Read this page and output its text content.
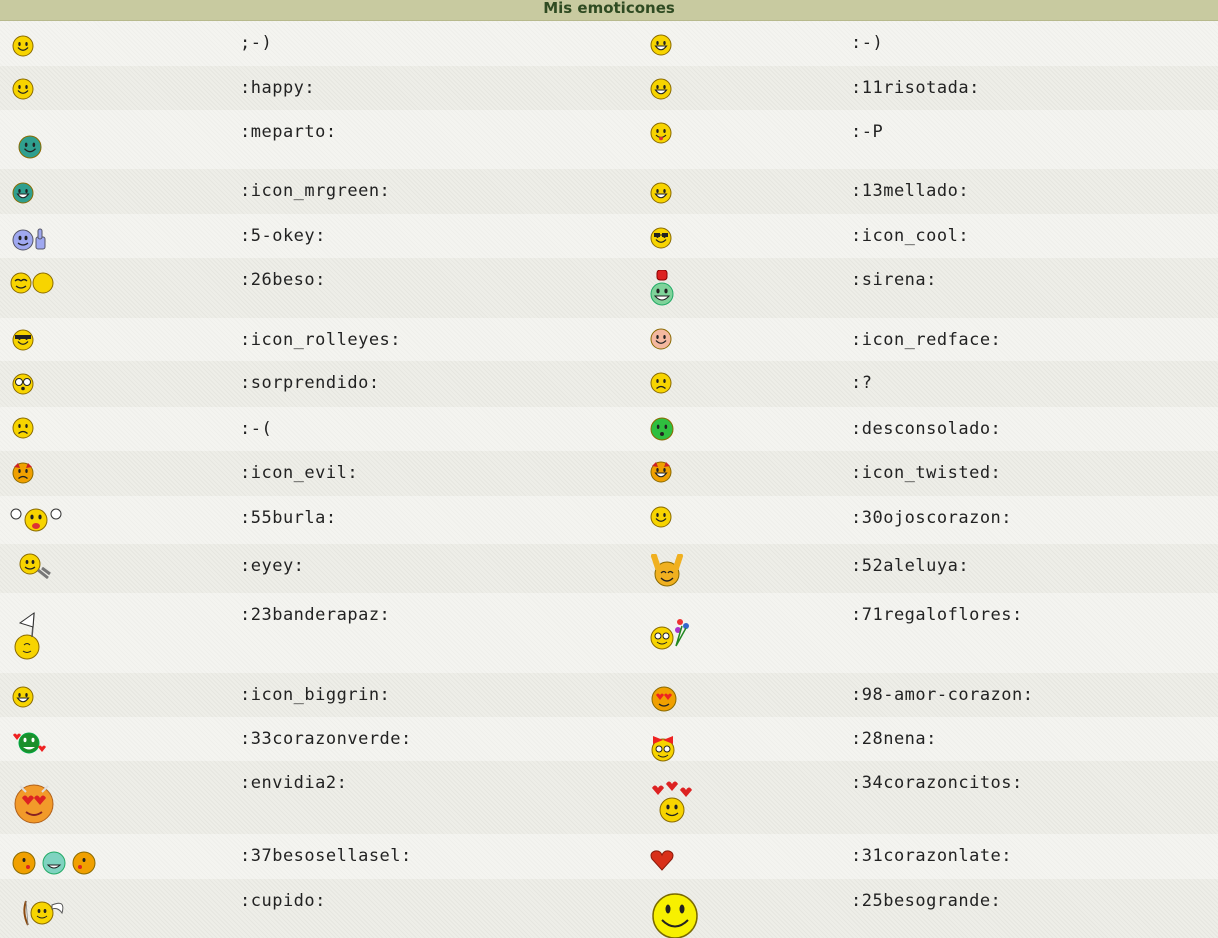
Mis emoticones
;-)	:-)
:happy:	:11risotada:
:meparto:	:-P
:icon_mrgreen:	:13mellado:
:5-okey:	:icon_cool:
:26beso:	:sirena:
:icon_rolleyes:	:icon_redface:
:sorprendido:	:?
:-(	:desconsolado:
:icon_evil:	:icon_twisted:
:55burla:	:30ojoscorazon:
:eyey:	:52aleluya:
:23banderapaz:	:71regaloflores:
:icon_biggrin:	:98-amor-corazon:
:33corazonverde:	:28nena:
:envidia2:	:34corazoncitos:
:37besosellasel:	:31corazonlate:
:cupido:	:25besogrande:
